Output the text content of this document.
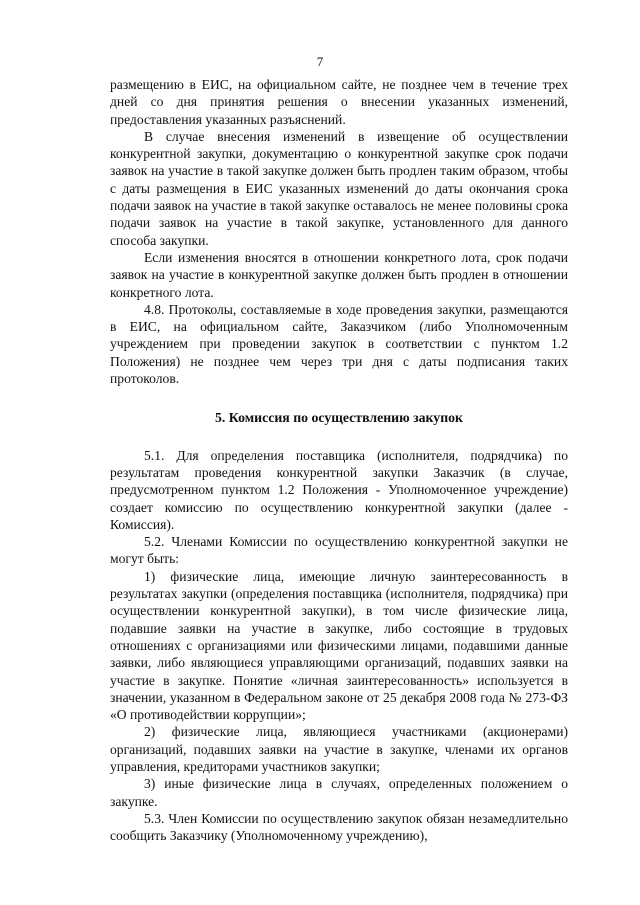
7

размещению в ЕИС, на официальном сайте, не позднее чем в течение трех дней со дня принятия решения о внесении указанных изменений, предоставления указанных разъяснений.

В случае внесения изменений в извещение об осуществлении конкурентной закупки, документацию о конкурентной закупке срок подачи заявок на участие в такой закупке должен быть продлен таким образом, чтобы с даты размещения в ЕИС указанных изменений до даты окончания срока подачи заявок на участие в такой закупке оставалось не менее половины срока подачи заявок на участие в такой закупке, установленного для данного способа закупки.

Если изменения вносятся в отношении конкретного лота, срок подачи заявок на участие в конкурентной закупке должен быть продлен в отношении конкретного лота.

4.8. Протоколы, составляемые в ходе проведения закупки, размещаются в ЕИС, на официальном сайте, Заказчиком (либо Уполномоченным учреждением при проведении закупок в соответствии с пунктом 1.2 Положения) не позднее чем через три дня с даты подписания таких протоколов.

5. Комиссия по осуществлению закупок

5.1. Для определения поставщика (исполнителя, подрядчика) по результатам проведения конкурентной закупки Заказчик (в случае, предусмотренном пунктом 1.2 Положения - Уполномоченное учреждение) создает комиссию по осуществлению конкурентной закупки (далее - Комиссия).

5.2. Членами Комиссии по осуществлению конкурентной закупки не могут быть:

1) физические лица, имеющие личную заинтересованность в результатах закупки (определения поставщика (исполнителя, подрядчика) при осуществлении конкурентной закупки), в том числе физические лица, подавшие заявки на участие в закупке, либо состоящие в трудовых отношениях с организациями или физическими лицами, подавшими данные заявки, либо являющиеся управляющими организаций, подавших заявки на участие в закупке. Понятие «личная заинтересованность» используется в значении, указанном в Федеральном законе от 25 декабря 2008 года № 273-ФЗ «О противодействии коррупции»;

2) физические лица, являющиеся участниками (акционерами) организаций, подавших заявки на участие в закупке, членами их органов управления, кредиторами участников закупки;

3) иные физические лица в случаях, определенных положением о закупке.

5.3. Член Комиссии по осуществлению закупок обязан незамедлительно сообщить Заказчику (Уполномоченному учреждению),
